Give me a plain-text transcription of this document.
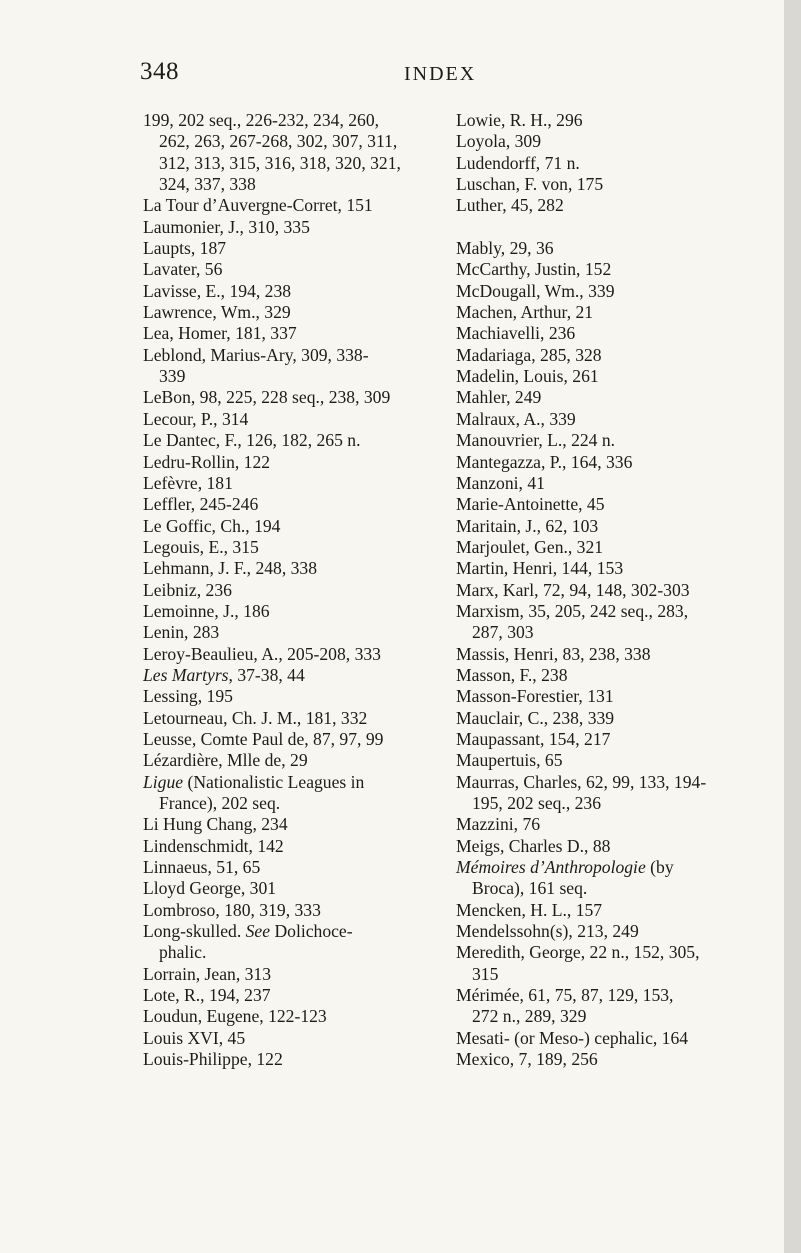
348	INDEX

199, 202 seq., 226-232, 234, 260,

262, 263, 267-268, 302, 307, 311,

312, 313, 315, 316, 318, 320, 321,

324, 337, 338

La Tour d’Auvergne-Corret, 151

Laumonier, J., 310, 335

Laupts, 187

Lavater, 56

Lavisse, E., 194, 238

Lawrence, Wm., 329

Lea, Homer, 181, 337

Leblond, Marius-Ary, 309, 338-

339

LeBon, 98, 225, 228 seq., 238, 309

Lecour, P., 314

Le Dantec, F., 126, 182, 265 n.

Ledru-Rollin, 122

Lefèvre, 181

Leffler, 245-246

Le Goffic, Ch., 194

Legouis, E., 315

Lehmann, J. F., 248, 338

Leibniz, 236

Lemoinne, J., 186

Lenin, 283

Leroy-Beaulieu, A., 205-208, 333

Les Martyrs, 37-38, 44

Lessing, 195

Letourneau, Ch. J. M., 181, 332

Leusse, Comte Paul de, 87, 97, 99

Lézardière, Mlle de, 29

Ligue (Nationalistic Leagues in

France), 202 seq.

Li Hung Chang, 234

Lindenschmidt, 142

Linnaeus, 51, 65

Lloyd George, 301

Lombroso, 180, 319, 333

Long-skulled. See Dolichoce-

phalic.

Lorrain, Jean, 313

Lote, R., 194, 237

Loudun, Eugene, 122-123

Louis XVI, 45

Louis-Philippe, 122

Lowie, R. H., 296

Loyola, 309

Ludendorff, 71 n.

Luschan, F. von, 175

Luther, 45, 282

Mably, 29, 36

McCarthy, Justin, 152

McDougall, Wm., 339

Machen, Arthur, 21

Machiavelli, 236

Madariaga, 285, 328

Madelin, Louis, 261

Mahler, 249

Malraux, A., 339

Manouvrier, L., 224 n.

Mantegazza, P., 164, 336

Manzoni, 41

Marie-Antoinette, 45

Maritain, J., 62, 103

Marjoulet, Gen., 321

Martin, Henri, 144, 153

Marx, Karl, 72, 94, 148, 302-303

Marxism, 35, 205, 242 seq., 283,

287, 303

Massis, Henri, 83, 238, 338

Masson, F., 238

Masson-Forestier, 131

Mauclair, C., 238, 339

Maupassant, 154, 217

Maupertuis, 65

Maurras, Charles, 62, 99, 133, 194-

195, 202 seq., 236

Mazzini, 76

Meigs, Charles D., 88

Mémoires d’Anthropologie (by

Broca), 161 seq.

Mencken, H. L., 157

Mendelssohn(s), 213, 249

Meredith, George, 22 n., 152, 305,

315

Mérimée, 61, 75, 87, 129, 153,

272 n., 289, 329

Mesati- (or Meso-) cephalic, 164

Mexico, 7, 189, 256
